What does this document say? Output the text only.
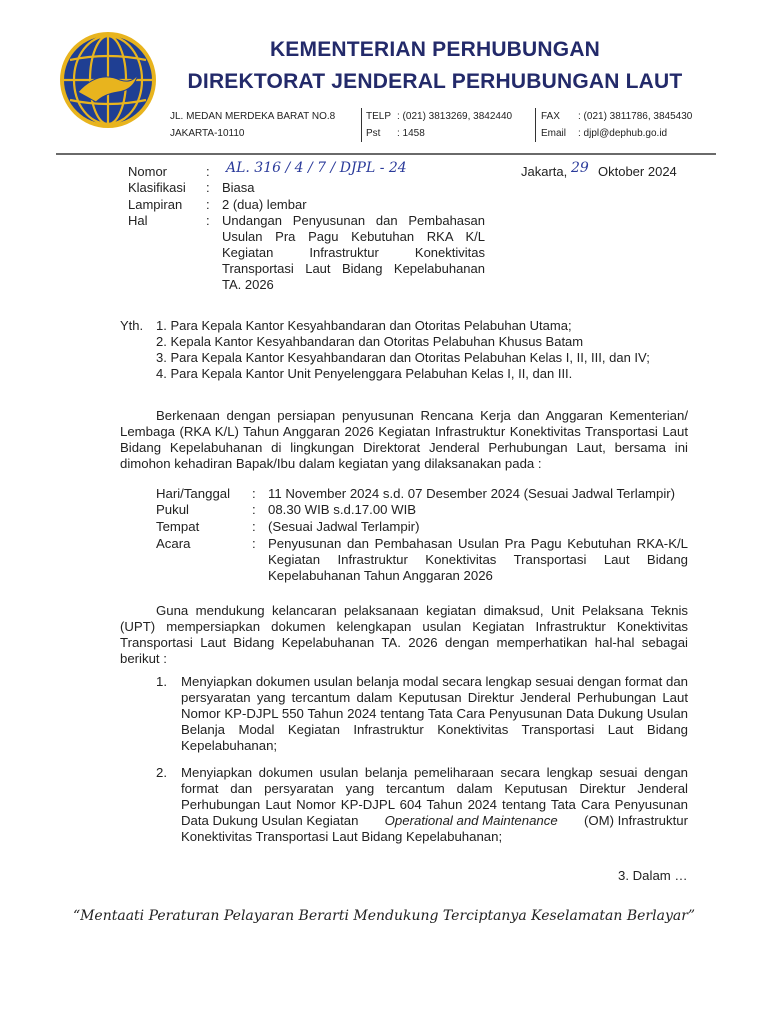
KEMENTERIAN PERHUBUNGAN
DIREKTORAT JENDERAL PERHUBUNGAN LAUT
JL. MEDAN MERDEKA BARAT NO.8
JAKARTA-10110
TELP : (021) 3813269, 3842440
Pst : 1458
FAX : (021) 3811786, 3845430
Email : djpl@dephub.go.id
Nomor	: AL. 316 / 4 / 7 / DJPL - 24
Klasifikasi : Biasa
Lampiran : 2 (dua) lembar
Hal	: Undangan Penyusunan dan Pembahasan
Usulan Pra Pagu Kebutuhan RKA K/L
Kegiatan Infrastruktur Konektivitas
Transportasi Laut Bidang Kepelabuhanan
TA. 2026
Jakarta, 29 Oktober 2024
Yth. 1. Para Kepala Kantor Kesyahbandaran dan Otoritas Pelabuhan Utama;
2. Kepala Kantor Kesyahbandaran dan Otoritas Pelabuhan Khusus Batam
3. Para Kepala Kantor Kesyahbandaran dan Otoritas Pelabuhan Kelas I, II, III, dan IV;
4. Para Kepala Kantor Unit Penyelenggara Pelabuhan Kelas I, II, dan III.
Berkenaan dengan persiapan penyusunan Rencana Kerja dan Anggaran Kementerian/
Lembaga (RKA K/L) Tahun Anggaran 2026 Kegiatan Infrastruktur Konektivitas Transportasi Laut
Bidang Kepelabuhanan di lingkungan Direktorat Jenderal Perhubungan Laut, bersama ini
dimohon kehadiran Bapak/Ibu dalam kegiatan yang dilaksanakan pada :
Hari/Tanggal : 11 November 2024 s.d. 07 Desember 2024 (Sesuai Jadwal Terlampir)
Pukul	: 08.30 WIB s.d.17.00 WIB
Tempat	: (Sesuai Jadwal Terlampir)
Acara	: Penyusunan dan Pembahasan Usulan Pra Pagu Kebutuhan RKA-K/L
Kegiatan Infrastruktur Konektivitas Transportasi Laut Bidang
Kepelabuhanan Tahun Anggaran 2026
Guna mendukung kelancaran pelaksanaan kegiatan dimaksud, Unit Pelaksana Teknis
(UPT) mempersiapkan dokumen kelengkapan usulan Kegiatan Infrastruktur Konektivitas
Transportasi Laut Bidang Kepelabuhanan TA. 2026 dengan memperhatikan hal-hal sebagai
berikut :
1. Menyiapkan dokumen usulan belanja modal secara lengkap sesuai dengan format dan
persyaratan yang tercantum dalam Keputusan Direktur Jenderal Perhubungan Laut
Nomor KP-DJPL 550 Tahun 2024 tentang Tata Cara Penyusunan Data Dukung Usulan
Belanja Modal Kegiatan Infrastruktur Konektivitas Transportasi Laut Bidang
Kepelabuhanan;
2. Menyiapkan dokumen usulan belanja pemeliharaan secara lengkap sesuai dengan
format dan persyaratan yang tercantum dalam Keputusan Direktur Jenderal
Perhubungan Laut Nomor KP-DJPL 604 Tahun 2024 tentang Tata Cara Penyusunan
Data Dukung Usulan Kegiatan Operational and Maintenance (OM) Infrastruktur
Konektivitas Transportasi Laut Bidang Kepelabuhanan;
3. Dalam …
“Mentaati Peraturan Pelayaran Berarti Mendukung Terciptanya Keselamatan Berlayar”
